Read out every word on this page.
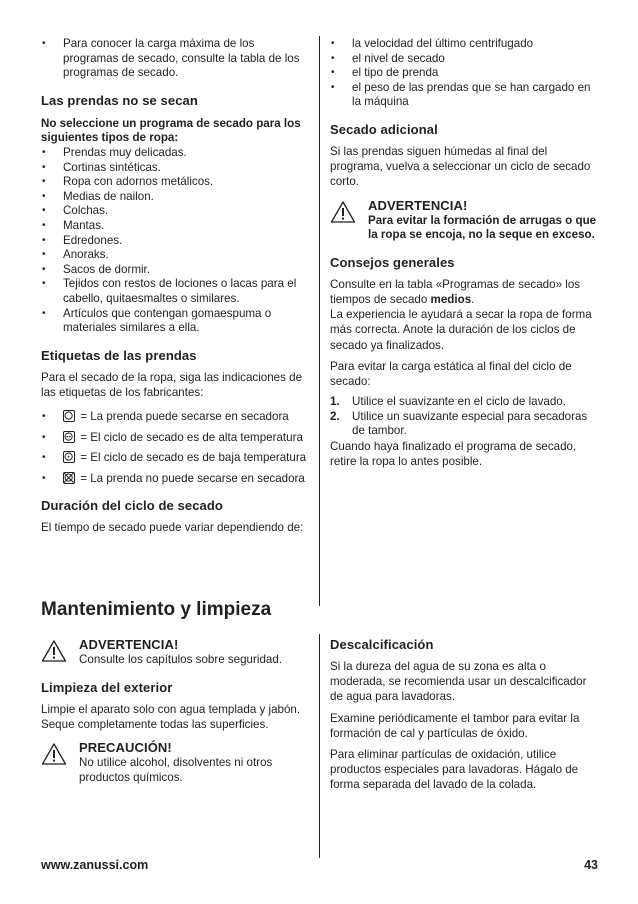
• Para conocer la carga máxima de los programas de secado, consulte la tabla de los programas de secado.
Las prendas no se secan

No seleccione un programa de secado para los siguientes tipos de ropa:

• Prendas muy delicadas.
• Cortinas sintéticas.
• Ropa con adornos metálicos.
• Medias de nailon.
• Colchas.
• Mantas.
• Edredones.
• Anoraks.
• Sacos de dormir.
• Tejidos con restos de lociones o lacas para el cabello, quitaesmaltes o similares.
• Artículos que contengan gomaespuma o materiales similares a ella.
Etiquetas de las prendas

Para el secado de la ropa, siga las indicaciones de las etiquetas de los fabricantes:

• = La prenda puede secarse en secadora
• = El ciclo de secado es de alta temperatura
• = El ciclo de secado es de baja temperatura
• = La prenda no puede secarse en secadora
Duración del ciclo de secado

El tiempo de secado puede variar dependiendo de:

• la velocidad del último centrifugado
• el nivel de secado
• el tipo de prenda
• el peso de las prendas que se han cargado en la máquina
Secado adicional

Si las prendas siguen húmedas al final del programa, vuelva a seleccionar un ciclo de secado corto.

ADVERTENCIA!

Para evitar la formación de arrugas o que la ropa se encoja, no la seque en exceso.

Consejos generales

Consulte en la tabla «Programas de secado» los tiempos de secado medios.

La experiencia le ayudará a secar la ropa de forma más correcta. Anote la duración de los ciclos de secado ya finalizados.

Para evitar la carga estática al final del ciclo de secado:

1. Utilice el suavizante en el ciclo de lavado.
2. Utilice un suavizante especial para secadoras de tambor.

Cuando haya finalizado el programa de secado, retire la ropa lo antes posible.

Mantenimiento y limpieza
ADVERTENCIA!

Consulte los capítulos sobre seguridad.

Limpieza del exterior

Limpie el aparato solo con agua templada y jabón. Seque completamente todas las superficies.

PRECAUCIÓN!

No utilice alcohol, disolventes ni otros productos químicos.

Descalcificación

Si la dureza del agua de su zona es alta o moderada, se recomienda usar un descalcificador de agua para lavadoras.

Examine periódicamente el tambor para evitar la formación de cal y partículas de óxido.

Para eliminar partículas de oxidación, utilice productos especiales para lavadoras. Hágalo de forma separada del lavado de la colada.

www.zanussi.com	43
